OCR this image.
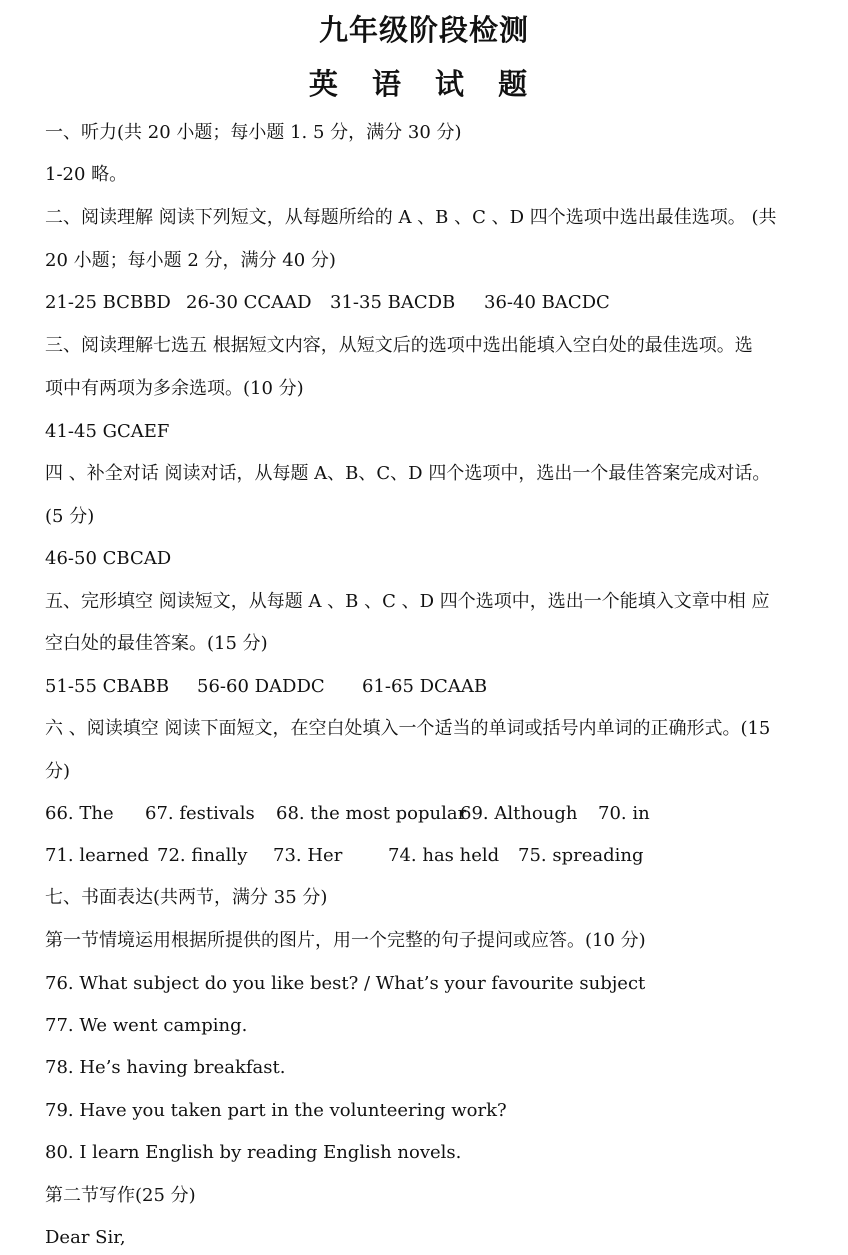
九年级阶段检测
英 语 试 题
一、听力(共 20 小题；每小题 1. 5 分，满分 30 分)
1-20 略。
二、阅读理解 阅读下列短文，从每题所给的 A 、B 、C 、D 四个选项中选出最佳选项。 (共
20 小题；每小题 2 分，满分 40 分)
21-25 BCBBD 26-30 CCAAD	31-35 BACDB	36-40 BACDC
三、阅读理解七选五 根据短文内容，从短文后的选项中选出能填入空白处的最佳选项。选
项中有两项为多余选项。(10 分)
41-45 GCAEF
四 、补全对话 阅读对话，从每题 A、B、C、D 四个选项中，选出一个最佳答案完成对话。
(5 分)
46-50 CBCAD
五、完形填空 阅读短文，从每题 A 、B 、C 、D 四个选项中，选出一个能填入文章中相 应
空白处的最佳答案。(15 分)
51-55 CBABB	56-60 DADDC	61-65 DCAAB
六 、阅读填空 阅读下面短文，在空白处填入一个适当的单词或括号内单词的正确形式。(15
分)
66. The	67. festivals	68. the most popular
69. Although	70. in
71. learned 72. finally	73. Her	74. has held	75. spreading
七、书面表达(共两节，满分 35 分)
第一节情境运用根据所提供的图片，用一个完整的句子提问或应答。(10 分)
76. What subject do you like best? / What’s your favourite subject
77. We went camping.
78. He’s having breakfast.
79. Have you taken part in the volunteering work?
80. I learn English by reading English novels.
第二节写作(25 分)
Dear Sir,
